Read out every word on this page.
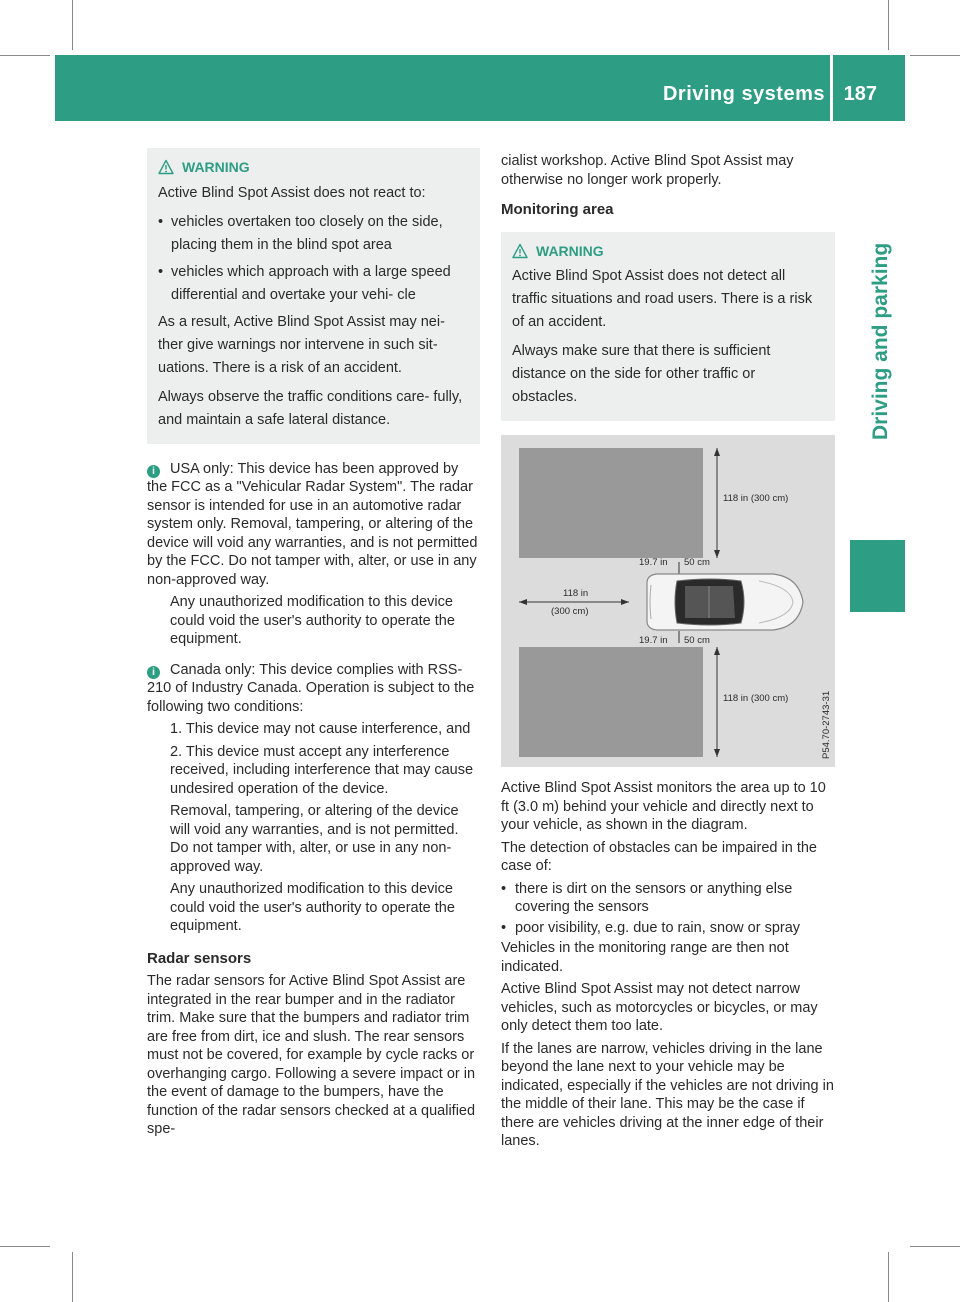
Driving systems 187
Driving and parking
WARNING

Active Blind Spot Assist does not react to:

• vehicles overtaken too closely on the side, placing them in the blind spot area
• vehicles which approach with a large speed differential and overtake your vehi- cle

As a result, Active Blind Spot Assist may nei- ther give warnings nor intervene in such sit- uations. There is a risk of an accident.

Always observe the traffic conditions care- fully, and maintain a safe lateral distance.

i USA only: This device has been approved by the FCC as a "Vehicular Radar System". The radar sensor is intended for use in an automotive radar system only. Removal, tampering, or altering of the device will void any warranties, and is not permitted by the FCC. Do not tamper with, alter, or use in any non-approved way.

Any unauthorized modification to this device could void the user's authority to operate the equipment.

i Canada only: This device complies with RSS-210 of Industry Canada. Operation is subject to the following two conditions:

1. This device may not cause interference, and

2. This device must accept any interference received, including interference that may cause undesired operation of the device.

Removal, tampering, or altering of the device will void any warranties, and is not permitted. Do not tamper with, alter, or use in any non-approved way.

Any unauthorized modification to this device could void the user's authority to operate the equipment.

Radar sensors

The radar sensors for Active Blind Spot Assist are integrated in the rear bumper and in the radiator trim. Make sure that the bumpers and radiator trim are free from dirt, ice and slush. The rear sensors must not be covered, for example by cycle racks or overhanging cargo. Following a severe impact or in the event of damage to the bumpers, have the function of the radar sensors checked at a qualified spe-

cialist workshop. Active Blind Spot Assist may otherwise no longer work properly.

Monitoring area
WARNING

Active Blind Spot Assist does not detect all traffic situations and road users. There is a risk of an accident.

Always make sure that there is sufficient distance on the side for other traffic or obstacles.

118 in (300 cm)
118 in (300 cm)
118 in
(300 cm)
19.7 in 50 cm
19.7 in 50 cm
P54.70-2743-31

Active Blind Spot Assist monitors the area up to 10 ft (3.0 m) behind your vehicle and directly next to your vehicle, as shown in the diagram.

The detection of obstacles can be impaired in the case of:

• there is dirt on the sensors or anything else covering the sensors
• poor visibility, e.g. due to rain, snow or spray

Vehicles in the monitoring range are then not indicated.

Active Blind Spot Assist may not detect narrow vehicles, such as motorcycles or bicycles, or may only detect them too late.

If the lanes are narrow, vehicles driving in the lane beyond the lane next to your vehicle may be indicated, especially if the vehicles are not driving in the middle of their lane. This may be the case if there are vehicles driving at the inner edge of their lanes.
